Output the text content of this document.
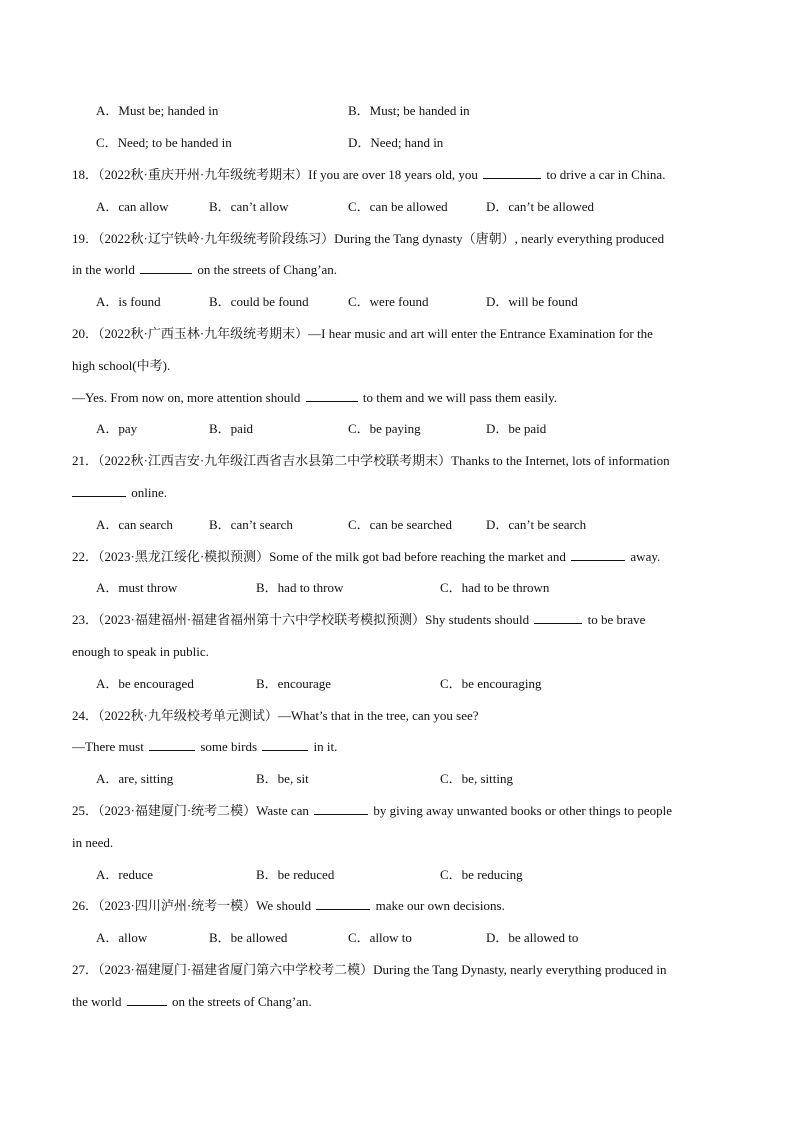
A．Must be; handed in	B．Must; be handed in
C．Need; to be handed in	D．Need; hand in
18．（2022秋·重庆开州·九年级统考期末）If you are over 18 years old, you	to drive a car in China.
A．can allow	B．can’t allow	C．can be allowed	D．can’t be allowed
19．（2022秋·辽宁铁岭·九年级统考阶段练习）During the Tang dynasty（唐朝）, nearly everything produced
in the world	on the streets of Chang’an.
A．is found	B．could be found	C．were found	D．will be found
20．（2022秋·广西玉林·九年级统考期末）—I hear music and art will enter the Entrance Examination for the
high school(中考).
—Yes. From now on, more attention should	to them and we will pass them easily.
A．pay	B．paid	C．be paying	D．be paid
21．（2022秋·江西吉安·九年级江西省吉水县第二中学校联考期末）Thanks to the Internet, lots of information
online.
A．can search	B．can’t search	C．can be searched	D．can’t be search
22．（2023·黑龙江绥化·模拟预测）Some of the milk got bad before reaching the market and	away.
A．must throw	B．had to throw	C．had to be thrown
23．（2023·福建福州·福建省福州第十六中学校联考模拟预测）Shy students should	to be brave
enough to speak in public.
A．be encouraged	B．encourage	C．be encouraging
24．（2022秋·九年级校考单元测试）—What’s that in the tree, can you see?
—There must	some birds	in it.
A．are, sitting	B．be, sit	C．be, sitting
25．（2023·福建厦门·统考二模）Waste can	by giving away unwanted books or other things to people
in need.
A．reduce	B．be reduced	C．be reducing
26．（2023·四川泸州·统考一模）We should	make our own decisions.
A．allow	B．be allowed	C．allow to	D．be allowed to
27．（2023·福建厦门·福建省厦门第六中学校考二模）During the Tang Dynasty, nearly everything produced in
the world	on the streets of Chang’an.
